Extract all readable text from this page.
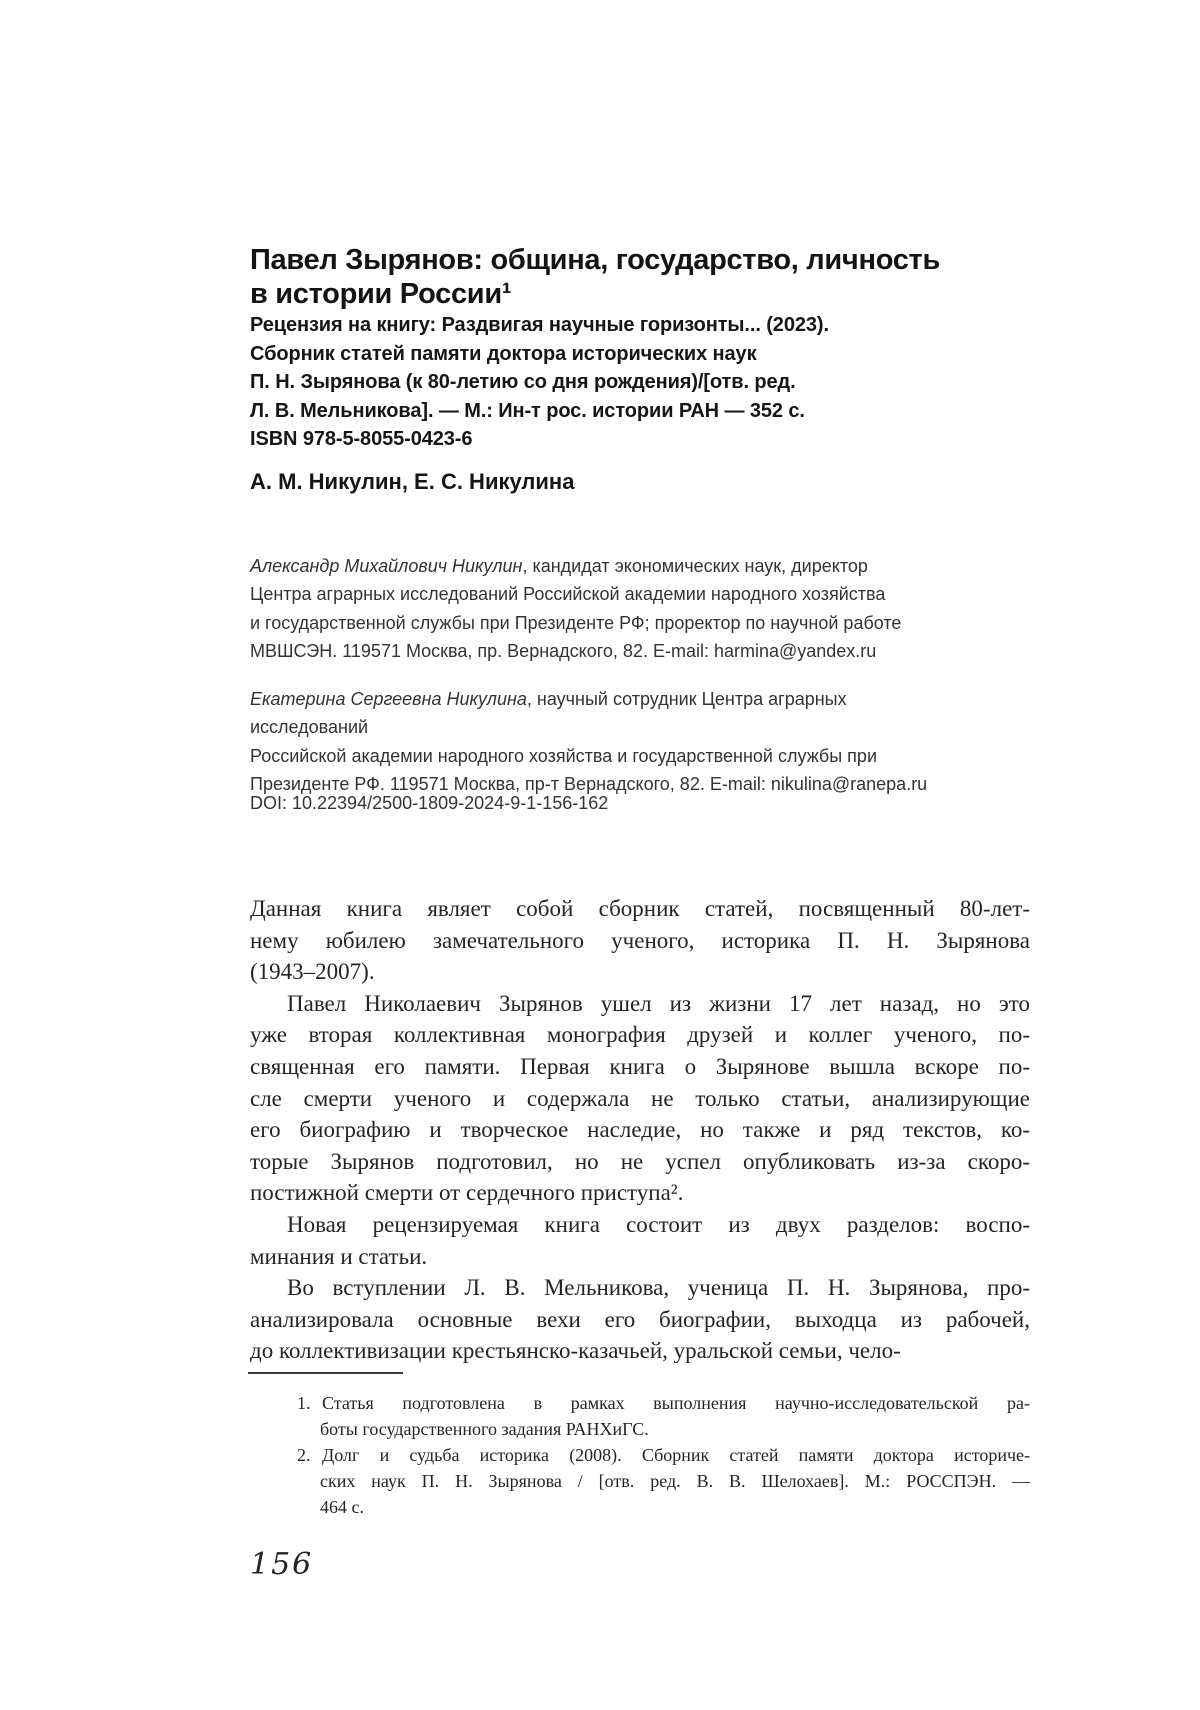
Павел Зырянов: община, государство, личность
в истории России¹
Рецензия на книгу: Раздвигая научные горизонты... (2023).
Сборник статей памяти доктора исторических наук
П. Н. Зырянова (к 80-летию со дня рождения)/[отв. ред.
Л. В. Мельникова]. — М.: Ин-т рос. истории РАН — 352 с.
ISBN 978-5-8055-0423-6
А. М. Никулин, Е. С. Никулина
Александр Михайлович Никулин, кандидат экономических наук, директор
Центра аграрных исследований Российской академии народного хозяйства
и государственной службы при Президенте РФ; проректор по научной работе
МВШСЭН. 119571 Москва, пр. Вернадского, 82. E-mail: harmina@yandex.ru
Екатерина Сергеевна Никулина, научный сотрудник Центра аграрных исследований
Российской академии народного хозяйства и государственной службы при
Президенте РФ. 119571 Москва, пр-т Вернадского, 82. E-mail: nikulina@ranepa.ru
DOI: 10.22394/2500-1809-2024-9-1-156-162
Данная книга являет собой сборник статей, посвященный 80-лет-
нему юбилею замечательного ученого, историка П. Н. Зырянова
(1943–2007).
Павел Николаевич Зырянов ушел из жизни 17 лет назад, но это
уже вторая коллективная монография друзей и коллег ученого, по-
священная его памяти. Первая книга о Зырянове вышла вскоре по-
сле смерти ученого и содержала не только статьи, анализирующие
его биографию и творческое наследие, но также и ряд текстов, ко-
торые Зырянов подготовил, но не успел опубликовать из-за скоро-
постижной смерти от сердечного приступа².
Новая рецензируемая книга состоит из двух разделов: воспо-
минания и статьи.
Во вступлении Л. В. Мельникова, ученица П. Н. Зырянова, про-
анализировала основные вехи его биографии, выходца из рабочей,
до коллективизации крестьянско-казачьей, уральской семьи, чело-
1. Статья подготовлена в рамках выполнения научно-исследовательской ра-
боты государственного задания РАНХиГС.
2. Долг и судьба историка (2008). Сборник статей памяти доктора историче-
ских наук П. Н. Зырянова / [отв. ред. В. В. Шелохаев]. М.: РОССПЭН. —
464 с.
156
